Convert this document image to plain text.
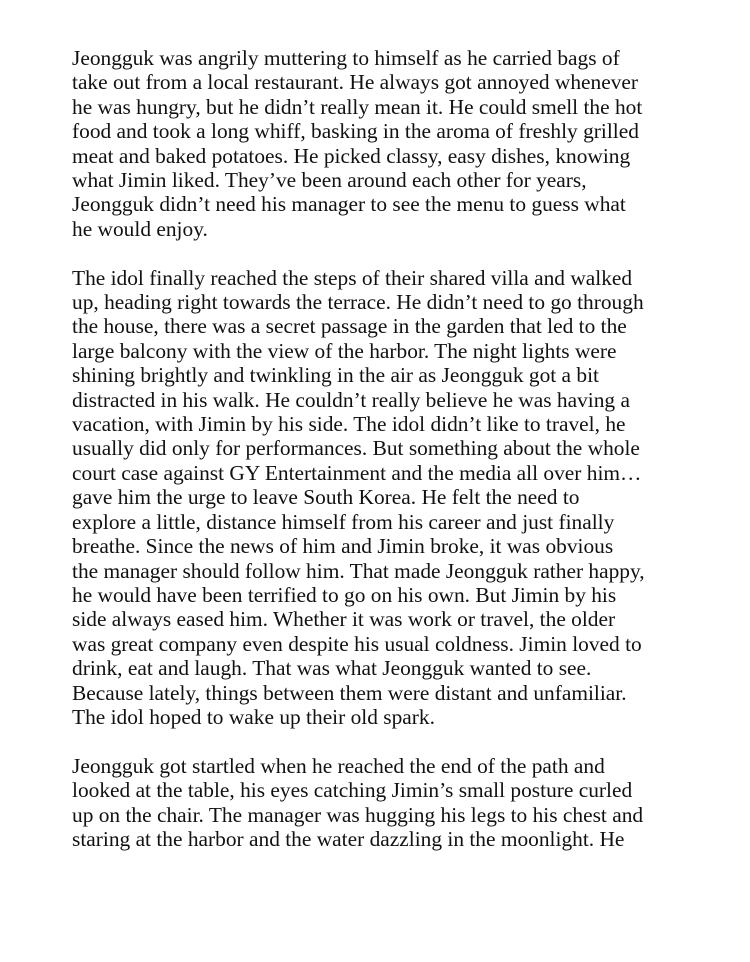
Jeongguk was angrily muttering to himself as he carried bags of
take out from a local restaurant. He always got annoyed whenever
he was hungry, but he didn’t really mean it. He could smell the hot
food and took a long whiff, basking in the aroma of freshly grilled
meat and baked potatoes. He picked classy, easy dishes, knowing
what Jimin liked. They’ve been around each other for years,
Jeongguk didn’t need his manager to see the menu to guess what
he would enjoy.

The idol finally reached the steps of their shared villa and walked
up, heading right towards the terrace. He didn’t need to go through
the house, there was a secret passage in the garden that led to the
large balcony with the view of the harbor. The night lights were
shining brightly and twinkling in the air as Jeongguk got a bit
distracted in his walk. He couldn’t really believe he was having a
vacation, with Jimin by his side. The idol didn’t like to travel, he
usually did only for performances. But something about the whole
court case against GY Entertainment and the media all over him…
gave him the urge to leave South Korea. He felt the need to
explore a little, distance himself from his career and just finally
breathe. Since the news of him and Jimin broke, it was obvious
the manager should follow him. That made Jeongguk rather happy,
he would have been terrified to go on his own. But Jimin by his
side always eased him. Whether it was work or travel, the older
was great company even despite his usual coldness. Jimin loved to
drink, eat and laugh. That was what Jeongguk wanted to see.
Because lately, things between them were distant and unfamiliar.
The idol hoped to wake up their old spark.

Jeongguk got startled when he reached the end of the path and
looked at the table, his eyes catching Jimin’s small posture curled
up on the chair. The manager was hugging his legs to his chest and
staring at the harbor and the water dazzling in the moonlight. He
